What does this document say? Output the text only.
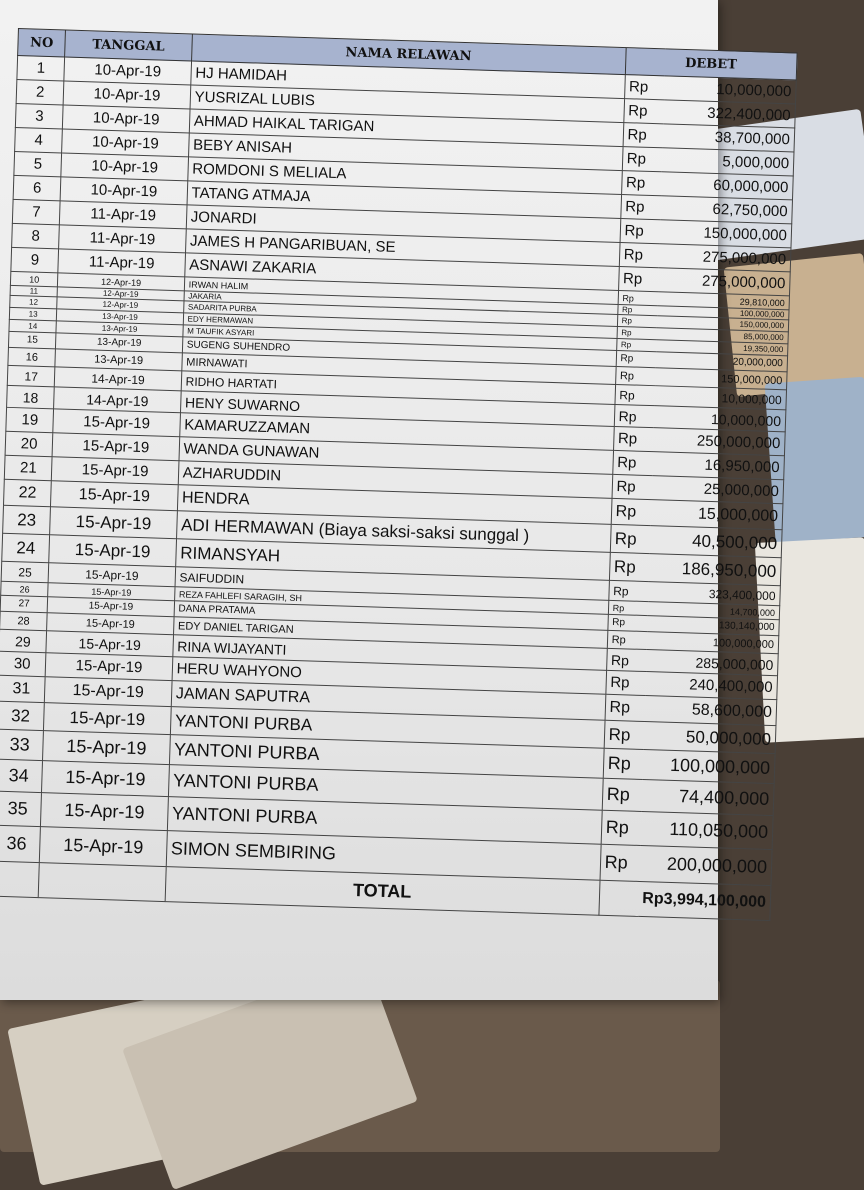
NO	TANGGAL	NAMA RELAWAN	DEBET	
1	10-Apr-19	HJ HAMIDAH	Rp	10,000,000
2	10-Apr-19	YUSRIZAL LUBIS	Rp	322,400,000
3	10-Apr-19	AHMAD HAIKAL TARIGAN	Rp	38,700,000
4	10-Apr-19	BEBY ANISAH	Rp	5,000,000
5	10-Apr-19	ROMDONI S MELIALA	Rp	60,000,000
6	10-Apr-19	TATANG ATMAJA	Rp	62,750,000
7	11-Apr-19	JONARDI	Rp	150,000,000
8	11-Apr-19	JAMES H PANGARIBUAN, SE	Rp	275,000,000
9	11-Apr-19	ASNAWI ZAKARIA	Rp	275,000,000
10	12-Apr-19	IRWAN HALIM	Rp	29,810,000
11	12-Apr-19	JAKARIA	Rp	100,000,000
12	12-Apr-19	SADARITA PURBA	Rp	150,000,000
13	13-Apr-19	EDY HERMAWAN	Rp	85,000,000
14	13-Apr-19	M TAUFIK ASYARI	Rp	19,350,000
15	13-Apr-19	SUGENG SUHENDRO	Rp	20,000,000
16	13-Apr-19	MIRNAWATI	Rp	150,000,000
17	14-Apr-19	RIDHO HARTATI	Rp	10,000,000
18	14-Apr-19	HENY SUWARNO	Rp	10,000,000
19	15-Apr-19	KAMARUZZAMAN	Rp	250,000,000
20	15-Apr-19	WANDA GUNAWAN	Rp	16,950,000
21	15-Apr-19	AZHARUDDIN	Rp	25,000,000
22	15-Apr-19	HENDRA	Rp	15,000,000
23	15-Apr-19	ADI HERMAWAN (Biaya saksi-saksi sunggal )	Rp	40,500,000
24	15-Apr-19	RIMANSYAH	Rp	186,950,000
25	15-Apr-19	SAIFUDDIN	Rp	323,400,000
26	15-Apr-19	REZA FAHLEFI SARAGIH, SH	Rp	14,700,000
27	15-Apr-19	DANA PRATAMA	Rp	130,140,000
28	15-Apr-19	EDY DANIEL TARIGAN	Rp	100,000,000
29	15-Apr-19	RINA WIJAYANTI	Rp	285,000,000
30	15-Apr-19	HERU WAHYONO	Rp	240,400,000
31	15-Apr-19	JAMAN SAPUTRA	Rp	58,600,000
32	15-Apr-19	YANTONI PURBA	Rp	50,000,000
33	15-Apr-19	YANTONI PURBA	Rp	100,000,000
34	15-Apr-19	YANTONI PURBA	Rp	74,400,000
35	15-Apr-19	YANTONI PURBA	Rp	110,050,000
36	15-Apr-19	SIMON SEMBIRING	Rp	200,000,000
		TOTAL	Rp3,994,100,000	
